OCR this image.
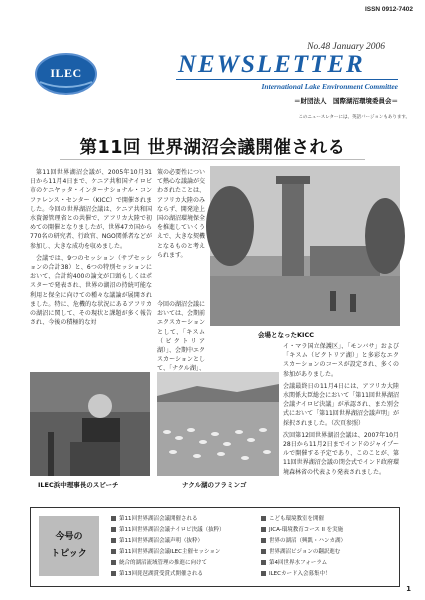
ISSN 0912-7402
No.48 January 2006
ILEC	NEWSLETTER
International Lake Environment Committee
＝財団法人　国際湖沼環境委員会＝
このニュースレターには、英語バージョンもあります。
第11回 世界湖沼会議開催される

第11回世界湖沼会議が、2005年10月31日から11月4日まで、ケニア共和国ナイロビ市のケニヤッタ・インターナショナル・コンファレンス・センター（KICC）で開催されました。今回の世界湖沼会議は、ケニア共和国水資源管理省との共催で、アフリカ大陸で初めての開催となりましたが、世界47カ国から770名の研究者、行政官、NGO関係者などが参加し、大きな成功を収めました。

会議では、9つのセッション（サブセッションの合計38）と、6つの特別セッションにおいて、合計約400の論文が口頭もしくはポスターで発表され、世界の湖沼の持続可能な利用と保全に向けての種々な議論が展開されました。特に、危機的な状況にあるアフリカの湖沼に関して、その現状と課題が多く報告され、今後の積極的な対

策の必要性について熱心な議論が交わされたことは、アフリカ大陸のみならず、開発途上国の湖沼環境保全を推進していくうえで、大きな契機となるものと考えられます。

会場となったKICC

今回の湖沼会議においては、会期前エクスカーションとして、「キスム（ビクトリア湖）」、会期中エクスカーションとして、「ナクル湖」、

イ・マラ国立保護区」、「モンバサ」および「キスム（ビクトリア湖）」と多彩なエクスカーションのコースが設定され、多くの参加がありました。

会議最終日の11月4日には、アフリカ大陸水関係大臣総会において「第11回世界湖沼会議ナイロビ決議」が承認され、また別会式において「第11回世界湖沼会議声明」が採択されました。（次頁参照）

次回第12回世界湖沼会議は、2007年10月28日から11月2日までインドのジャイプールで開催する予定であり、このことが、第11回世界湖沼会議の閉会式でインド政府環境森林省の代表より発表されました。

ILEC浜中理事長のスピーチ	ナクル湖のフラミンゴ
今号の
トピック
第11回世界湖沼会議開催される
第11回世界湖沼会議ナイロビ決議（抜粋）
第11回世界湖沼会議声明（抜粋）
第11回世界湖沼会議ILEC主催セッション
統合的湖沼流域管理の推進に向けて
第13回琵琶湖賞受賞式開催される
こども環境教室を開催
JICA-環境教育コース II を実施
世界の湖沼（興凱・ハンカ湖）
世界湖沼ビジョンの翻訳進む
第4回世界水フォーラム
ILECカード入会募集中！
1
